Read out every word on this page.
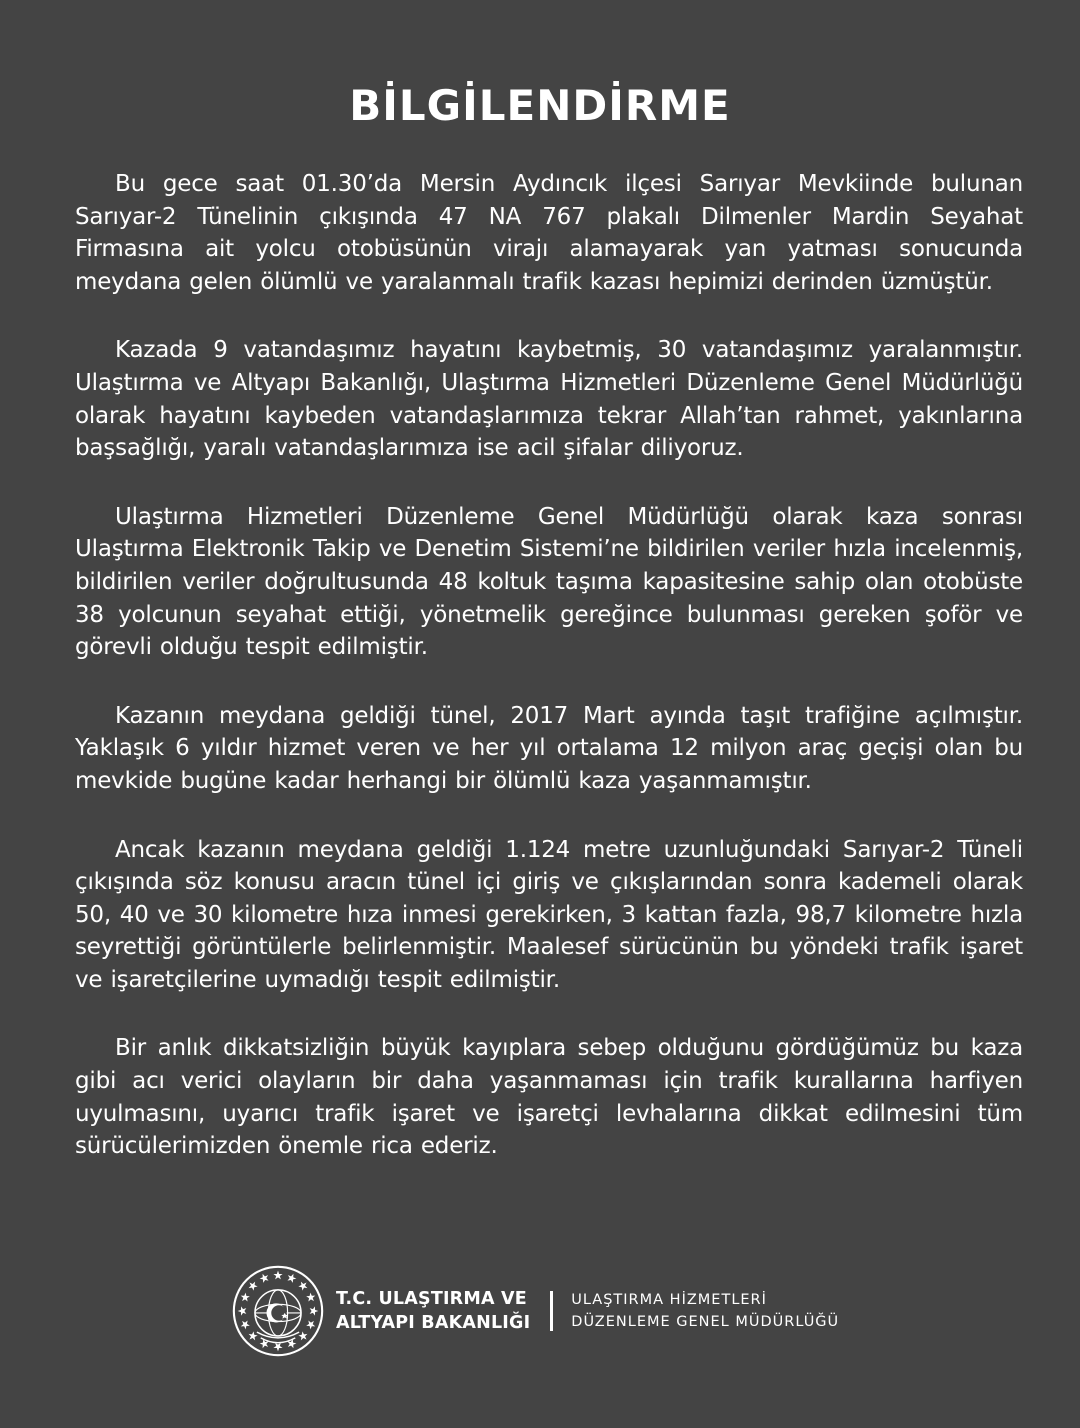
BİLGİLENDİRME

Bu gece saat 01.30’da Mersin Aydıncık ilçesi Sarıyar Mevkiinde bulunan Sarıyar-2 Tünelinin çıkışında 47 NA 767 plakalı Dilmenler Mardin Seyahat Firmasına ait yolcu otobüsünün virajı alamayarak yan yatması sonucunda meydana gelen ölümlü ve yaralanmalı trafik kazası hepimizi derinden üzmüştür.

Kazada 9 vatandaşımız hayatını kaybetmiş, 30 vatandaşımız yaralanmıştır. Ulaştırma ve Altyapı Bakanlığı, Ulaştırma Hizmetleri Düzenleme Genel Müdürlüğü olarak hayatını kaybeden vatandaşlarımıza tekrar Allah’tan rahmet, yakınlarına başsağlığı, yaralı vatandaşlarımıza ise acil şifalar diliyoruz.

Ulaştırma Hizmetleri Düzenleme Genel Müdürlüğü olarak kaza sonrası Ulaştırma Elektronik Takip ve Denetim Sistemi’ne bildirilen veriler hızla incelenmiş, bildirilen veriler doğrultusunda 48 koltuk taşıma kapasitesine sahip olan otobüste 38 yolcunun seyahat ettiği, yönetmelik gereğince bulunması gereken şoför ve görevli olduğu tespit edilmiştir.

Kazanın meydana geldiği tünel, 2017 Mart ayında taşıt trafiğine açılmıştır. Yaklaşık 6 yıldır hizmet veren ve her yıl ortalama 12 milyon araç geçişi olan bu mevkide bugüne kadar herhangi bir ölümlü kaza yaşanmamıştır.

Ancak kazanın meydana geldiği 1.124 metre uzunluğundaki Sarıyar-2 Tüneli çıkışında söz konusu aracın tünel içi giriş ve çıkışlarından sonra kademeli olarak 50, 40 ve 30 kilometre hıza inmesi gerekirken, 3 kattan fazla, 98,7 kilometre hızla seyrettiği görüntülerle belirlenmiştir. Maalesef sürücünün bu yöndeki trafik işaret ve işaretçilerine uymadığı tespit edilmiştir.

Bir anlık dikkatsizliğin büyük kayıplara sebep olduğunu gördüğümüz bu kaza gibi acı verici olayların bir daha yaşanmaması için trafik kurallarına harfiyen uyulmasını, uyarıcı trafik işaret ve işaretçi levhalarına dikkat edilmesini tüm sürücülerimizden önemle rica ederiz.

T.C. ULAŞTIRMA VE
ALTYAPI BAKANLIĞI
ULAŞTIRMA HİZMETLERİ
DÜZENLEME GENEL MÜDÜRLÜĞÜ
